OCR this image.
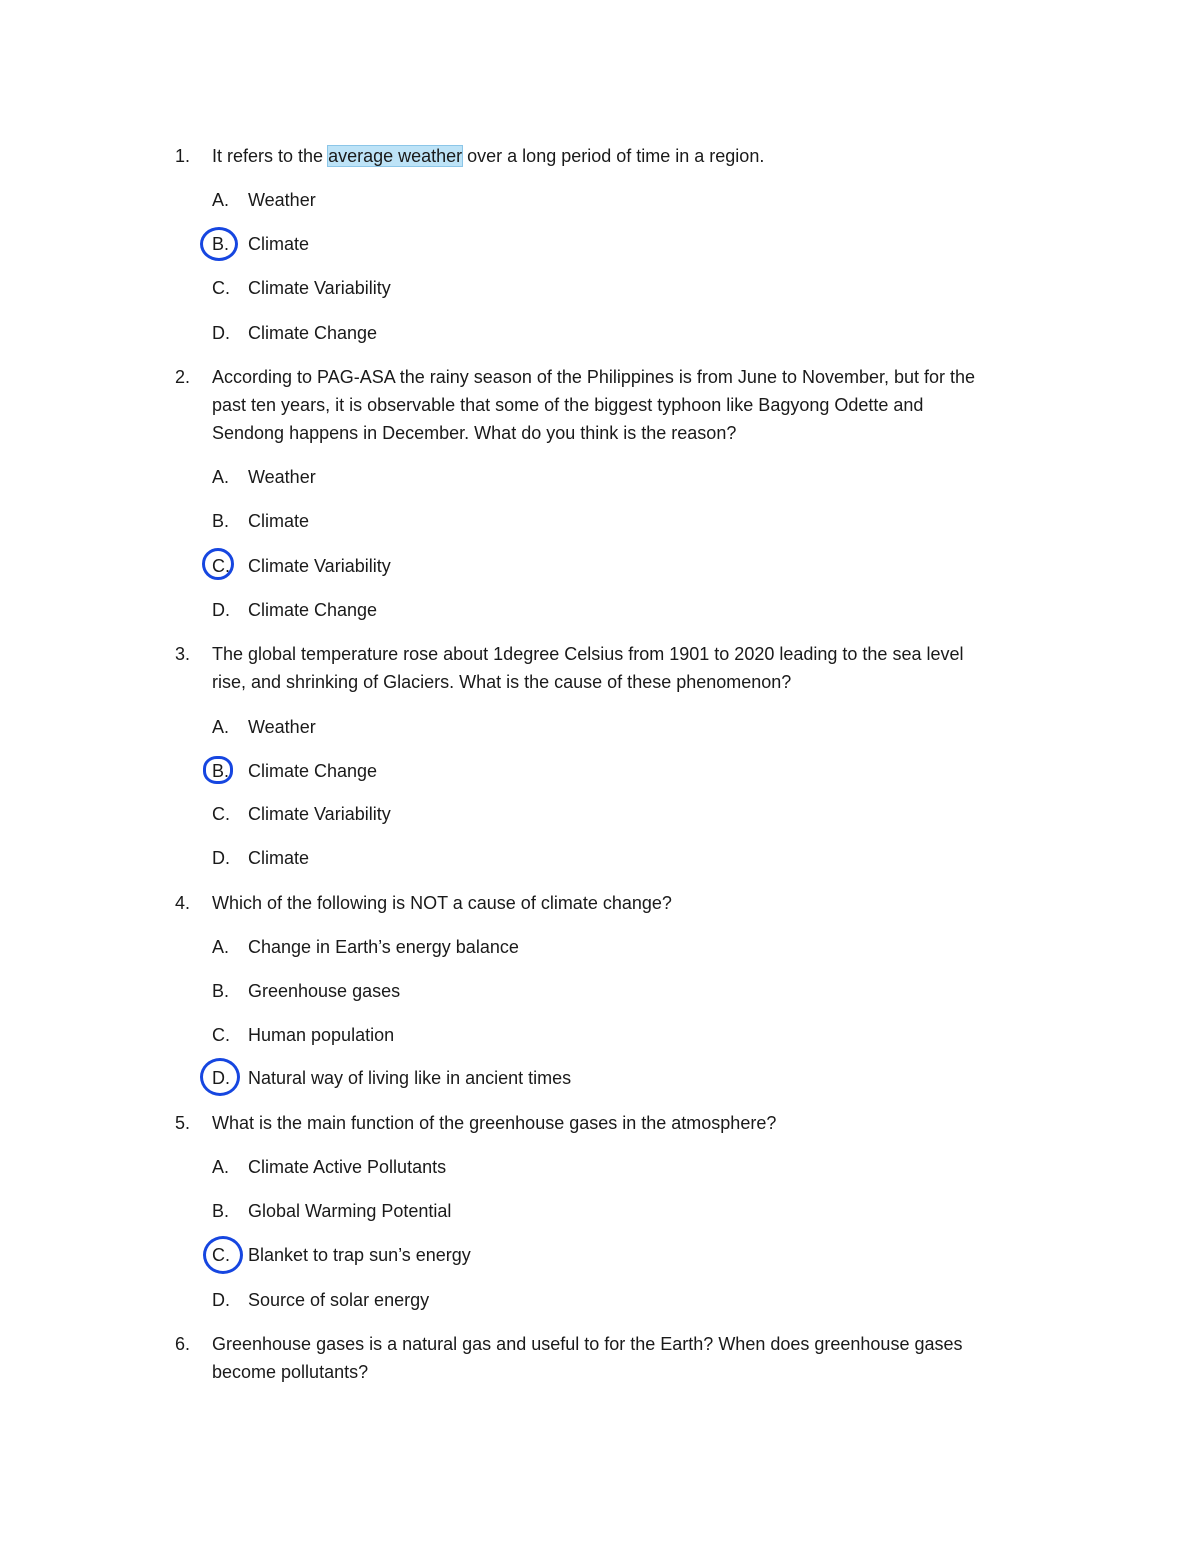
1.	It refers to the average weather over a long period of time in a region.
A.	Weather
B.	Climate
C.	Climate Variability
D.	Climate Change
2.	According to PAG-ASA the rainy season of the Philippines is from June to November, but for the
past ten years, it is observable that some of the biggest typhoon like Bagyong Odette and
Sendong happens in December. What do you think is the reason?
A.	Weather
B.	Climate
C.	Climate Variability
D.	Climate Change
3.	The global temperature rose about 1degree Celsius from 1901 to 2020 leading to the sea level
rise, and shrinking of Glaciers. What is the cause of these phenomenon?
A.	Weather
B.	Climate Change
C.	Climate Variability
D.	Climate
4.	Which of the following is NOT a cause of climate change?
A.	Change in Earth’s energy balance
B.	Greenhouse gases
C.	Human population
D.	Natural way of living like in ancient times
5.	What is the main function of the greenhouse gases in the atmosphere?
A.	Climate Active Pollutants
B.	Global Warming Potential
C.	Blanket to trap sun’s energy
D.	Source of solar energy
6.	Greenhouse gases is a natural gas and useful to for the Earth? When does greenhouse gases
become pollutants?
